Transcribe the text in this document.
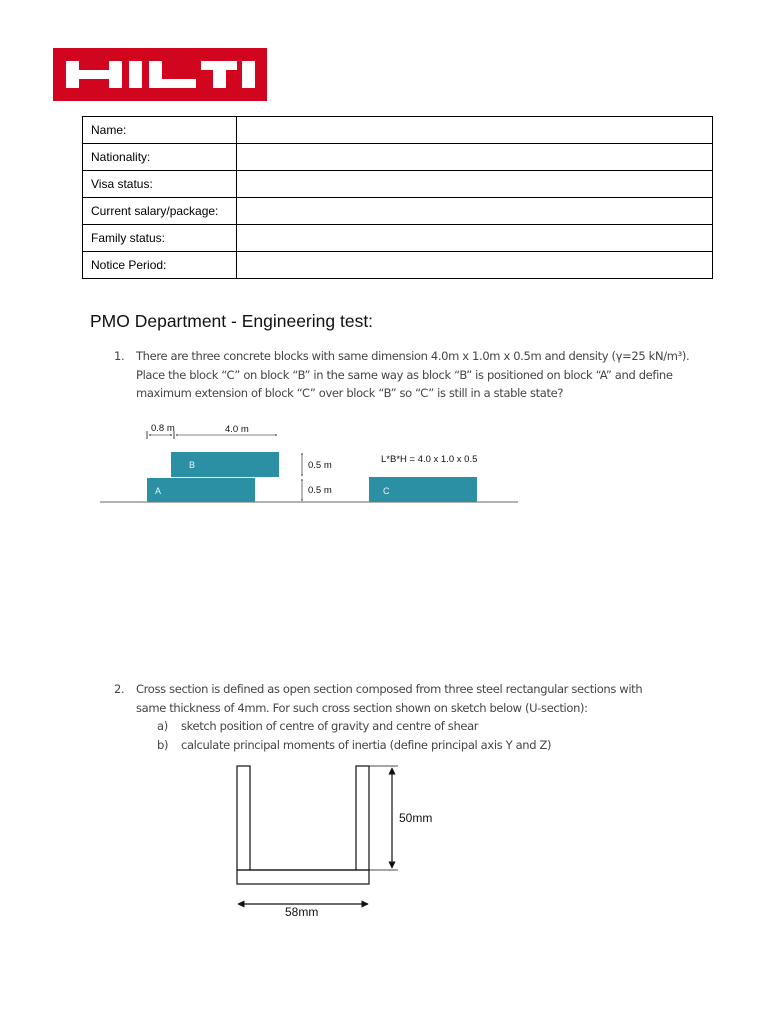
Name:	
Nationality:	
Visa status:	
Current salary/package:	
Family status:	
Notice Period:	
PMO Department - Engineering test:
1. There are three concrete blocks with same dimension 4.0m x 1.0m x 0.5m and density (γ=25 kN/m³).
Place the block “C” on block “B” in the same way as block “B” is positioned on block “A” and define
maximum extension of block “C” over block “B” so “C” is still in a stable state?
2. Cross section is defined as open section composed from three steel rectangular sections with
same thickness of 4mm. For such cross section shown on sketch below (U-section):
a) sketch position of centre of gravity and centre of shear
b) calculate principal moments of inertia (define principal axis Y and Z)
A
B
C
0.8 m	4.0 m
0.5 m
0.5 m
L*B*H = 4.0 x 1.0 x 0.5
50mm
58mm
